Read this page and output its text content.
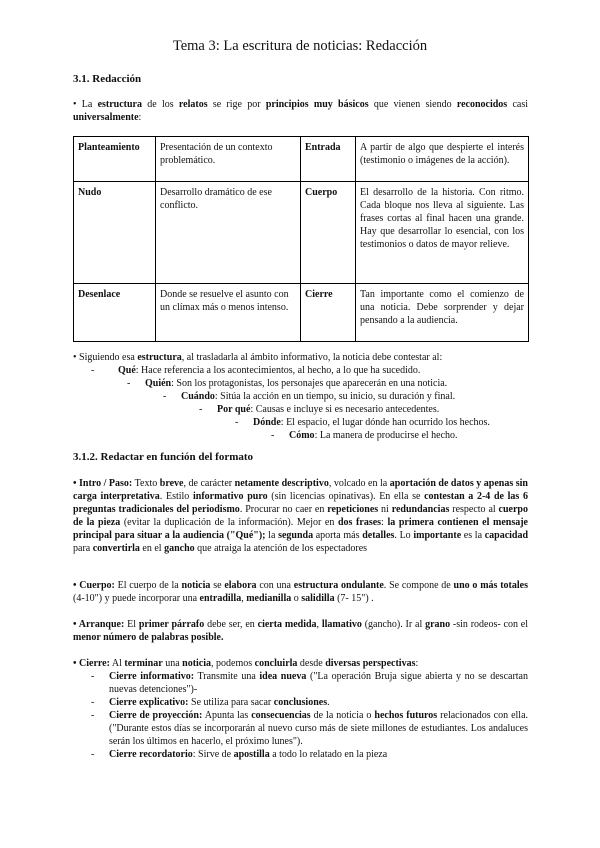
Tema 3: La escritura de noticias: Redacción
3.1. Redacción
• La estructura de los relatos se rige por principios muy básicos que vienen siendo reconocidos casi universalmente:
Planteamiento	Presentación de un contexto problemático.	Entrada	A partir de algo que despierte el interés (testimonio o imágenes de la acción).
Nudo	Desarrollo dramático de ese conflicto.	Cuerpo	El desarrollo de la historia. Con ritmo. Cada bloque nos lleva al siguiente. Las frases cortas al final hacen una grande. Hay que desarrollar lo esencial, con los testimonios o datos de mayor relieve.
Desenlace	Donde se resuelve el asunto con un clímax más o menos intenso.	Cierre	Tan importante como el comienzo de una noticia. Debe sorprender y dejar pensando a la audiencia.
• Siguiendo esa estructura, al trasladarla al ámbito informativo, la noticia debe contestar al:
- Qué: Hace referencia a los acontecimientos, al hecho, a lo que ha sucedido.
- Quién: Son los protagonistas, los personajes que aparecerán en una noticia.
- Cuándo: Sitúa la acción en un tiempo, su inicio, su duración y final.
- Por qué: Causas e incluye si es necesario antecedentes.
- Dónde: El espacio, el lugar dónde han ocurrido los hechos.
- Cómo: La manera de producirse el hecho.
3.1.2. Redactar en función del formato
• Intro / Paso: Texto breve, de carácter netamente descriptivo, volcado en la aportación de datos y apenas sin carga interpretativa. Estilo informativo puro (sin licencias opinativas). En ella se contestan a 2-4 de las 6 preguntas tradicionales del periodismo. Procurar no caer en repeticiones ni redundancias respecto al cuerpo de la pieza (evitar la duplicación de la información). Mejor en dos frases: la primera contienen el mensaje principal para situar a la audiencia ("Qué"); la segunda aporta más detalles. Lo importante es la capacidad para convertirla en el gancho que atraiga la atención de los espectadores
• Cuerpo: El cuerpo de la noticia se elabora con una estructura ondulante. Se compone de uno o más totales (4-10") y puede incorporar una entradilla, medianilla o salidilla (7- 15") .
• Arranque: El primer párrafo debe ser, en cierta medida, llamativo (gancho). Ir al grano -sin rodeos- con el menor número de palabras posible.
• Cierre: Al terminar una noticia, podemos concluirla desde diversas perspectivas:
- Cierre informativo: Transmite una idea nueva ("La operación Bruja sigue abierta y no se descartan nuevas detenciones")-
- Cierre explicativo: Se utiliza para sacar conclusiones.
- Cierre de proyección: Apunta las consecuencias de la noticia o hechos futuros relacionados con ella. ("Durante estos días se incorporarán al nuevo curso más de siete millones de estudiantes. Los andaluces serán los últimos en hacerlo, el próximo lunes").
- Cierre recordatorio: Sirve de apostilla a todo lo relatado en la pieza
